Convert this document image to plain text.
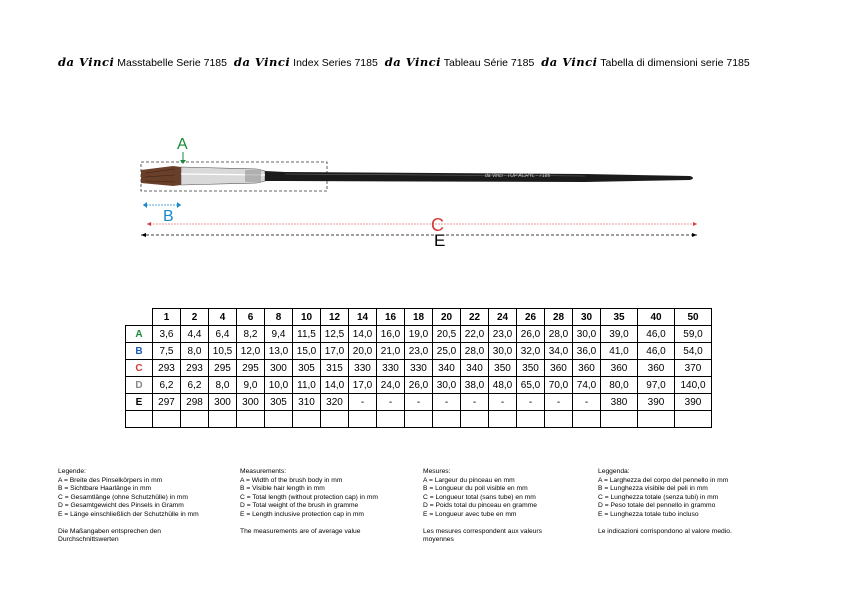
da Vinci Masstabelle Serie 7185 da Vinci Index Series 7185 da Vinci Tableau Série 7185 da Vinci Tabella di dimensioni serie 7185
A
da Vinci · TOP ACRYL · 7185
B	C
E
	1	2	4	6	8	10	12	14	16	18	20	22	24	26	28	30	35	40	50
A	3,6	4,4	6,4	8,2	9,4	11,5	12,5	14,0	16,0	19,0	20,5	22,0	23,0	26,0	28,0	30,0	39,0	46,0	59,0
B	7,5	8,0	10,5	12,0	13,0	15,0	17,0	20,0	21,0	23,0	25,0	28,0	30,0	32,0	34,0	36,0	41,0	46,0	54,0
C	293	293	295	295	300	305	315	330	330	330	340	340	350	350	360	360	360	360	370
D	6,2	6,2	8,0	9,0	10,0	11,0	14,0	17,0	24,0	26,0	30,0	38,0	48,0	65,0	70,0	74,0	80,0	97,0	140,0
E	297	298	300	300	305	310	320	-	-	-	-	-	-	-	-	-	380	390	390

Legende:
A = Breite des Pinselkörpers in mm
B = Sichtbare Haarlänge in mm
C = Gesamtlänge (ohne Schutzhülle) in mm
D = Gesamtgewicht des Pinsels in Gramm
E = Länge einschließlich der Schutzhülle in mm
Die Maßangaben entsprechen den
Durchschnittswerten
Measurements:
A = Width of the brush body in mm
B = Visible hair length in mm
C = Total length (without protection cap) in mm
D = Total weight of the brush in gramme
E = Length inclusive protection cap in mm
The measurements are of average value
Mesures:
A = Largeur du pinceau en mm
B = Longueur du poil visible en mm
C = Longueur total (sans tube) en mm
D = Poids total du pinceau en gramme
E = Longueur avec tube en mm
Les mesures correspondent aux valeurs
moyennes
Leggenda:
A = Larghezza del corpo del pennello in mm
B = Lunghezza visibile del peli in mm
C = Lunghezza totale (senza tubi) in mm
D = Peso totale del pennello in grammo
E = Lunghezza totale tubo incluso
Le indicazioni corrispondono al valore medio.
